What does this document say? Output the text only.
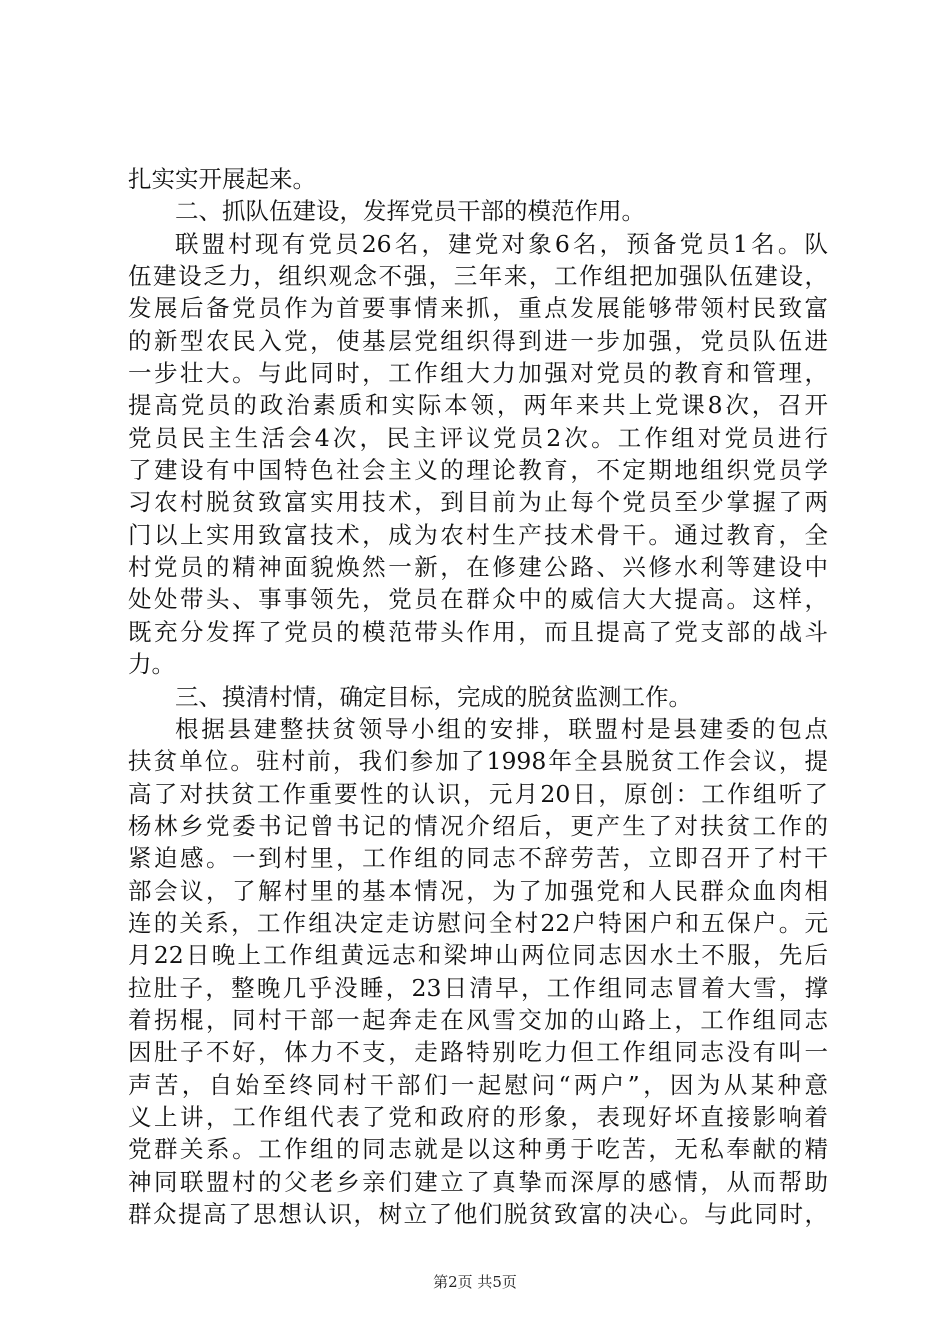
扎实实开展起来。
二、抓队伍建设，发挥党员干部的模范作用。
联盟村现有党员26名，建党对象6名，预备党员1名。队
伍建设乏力，组织观念不强，三年来，工作组把加强队伍建设，
发展后备党员作为首要事情来抓，重点发展能够带领村民致富
的新型农民入党，使基层党组织得到进一步加强，党员队伍进
一步壮大。与此同时，工作组大力加强对党员的教育和管理，
提高党员的政治素质和实际本领，两年来共上党课8次，召开
党员民主生活会4次，民主评议党员2次。工作组对党员进行
了建设有中国特色社会主义的理论教育，不定期地组织党员学
习农村脱贫致富实用技术，到目前为止每个党员至少掌握了两
门以上实用致富技术，成为农村生产技术骨干。通过教育，全
村党员的精神面貌焕然一新，在修建公路、兴修水利等建设中
处处带头、事事领先，党员在群众中的威信大大提高。这样，
既充分发挥了党员的模范带头作用，而且提高了党支部的战斗
力。
三、摸清村情，确定目标，完成的脱贫监测工作。
根据县建整扶贫领导小组的安排，联盟村是县建委的包点
扶贫单位。驻村前，我们参加了1998年全县脱贫工作会议，提
高了对扶贫工作重要性的认识，元月20日，原创：工作组听了
杨林乡党委书记曾书记的情况介绍后，更产生了对扶贫工作的
紧迫感。一到村里，工作组的同志不辞劳苦，立即召开了村干
部会议，了解村里的基本情况，为了加强党和人民群众血肉相
连的关系，工作组决定走访慰问全村22户特困户和五保户。元
月22日晚上工作组黄远志和梁坤山两位同志因水土不服，先后
拉肚子，整晚几乎没睡，23日清早，工作组同志冒着大雪，撑
着拐棍，同村干部一起奔走在风雪交加的山路上，工作组同志
因肚子不好，体力不支，走路特别吃力但工作组同志没有叫一
声苦，自始至终同村干部们一起慰问“两户”，因为从某种意
义上讲，工作组代表了党和政府的形象，表现好坏直接影响着
党群关系。工作组的同志就是以这种勇于吃苦，无私奉献的精
神同联盟村的父老乡亲们建立了真挚而深厚的感情，从而帮助
群众提高了思想认识，树立了他们脱贫致富的决心。与此同时，
第2页 共5页
